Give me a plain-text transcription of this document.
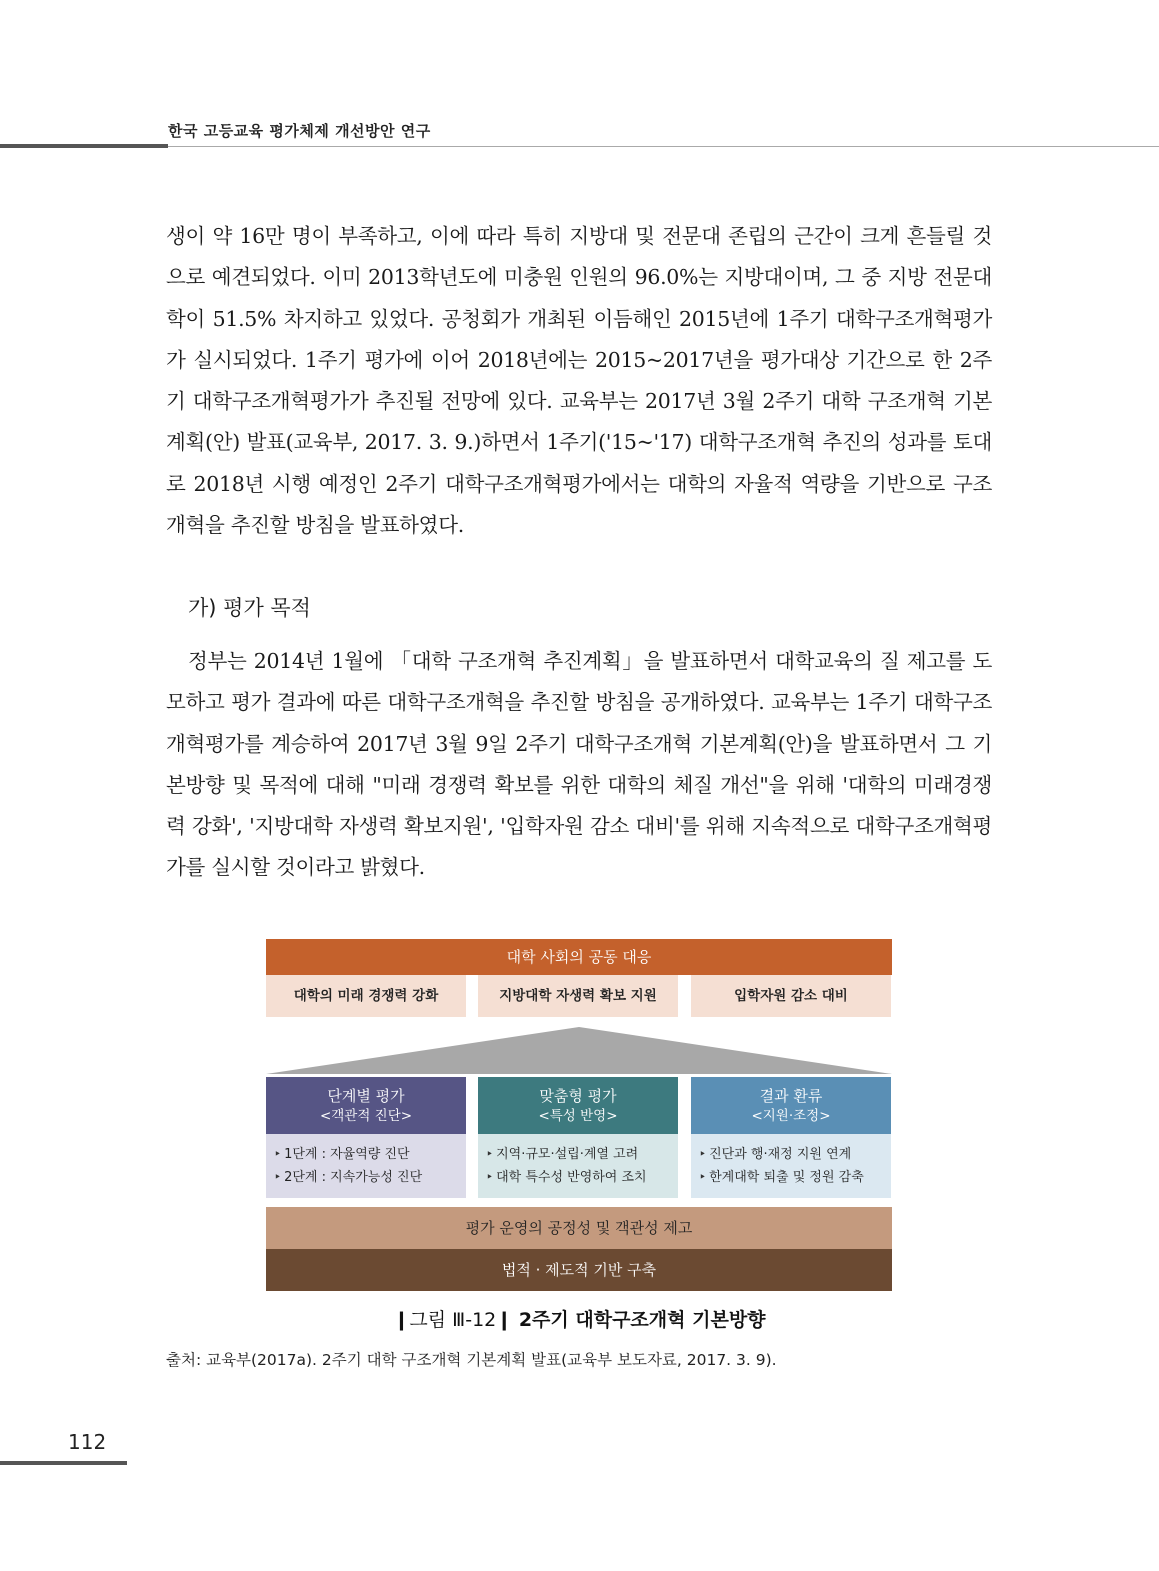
한국 고등교육 평가체제 개선방안 연구

생이 약 16만 명이 부족하고, 이에 따라 특히 지방대 및 전문대 존립의 근간이 크게 흔들릴 것으로 예견되었다. 이미 2013학년도에 미충원 인원의 96.0%는 지방대이며, 그 중 지방 전문대학이 51.5% 차지하고 있었다. 공청회가 개최된 이듬해인 2015년에 1주기 대학구조개혁평가가 실시되었다. 1주기 평가에 이어 2018년에는 2015~2017년을 평가대상 기간으로 한 2주기 대학구조개혁평가가 추진될 전망에 있다. 교육부는 2017년 3월 2주기 대학 구조개혁 기본계획(안) 발표(교육부, 2017. 3. 9.)하면서 1주기('15~'17) 대학구조개혁 추진의 성과를 토대로 2018년 시행 예정인 2주기 대학구조개혁평가에서는 대학의 자율적 역량을 기반으로 구조개혁을 추진할 방침을 발표하였다.

가) 평가 목적

정부는 2014년 1월에 「대학 구조개혁 추진계획」을 발표하면서 대학교육의 질 제고를 도모하고 평가 결과에 따른 대학구조개혁을 추진할 방침을 공개하였다. 교육부는 1주기 대학구조개혁평가를 계승하여 2017년 3월 9일 2주기 대학구조개혁 기본계획(안)을 발표하면서 그 기본방향 및 목적에 대해 "미래 경쟁력 확보를 위한 대학의 체질 개선"을 위해 '대학의 미래경쟁력 강화', '지방대학 자생력 확보지원', '입학자원 감소 대비'를 위해 지속적으로 대학구조개혁평가를 실시할 것이라고 밝혔다.

대학 사회의 공동 대응
대학의 미래 경쟁력 강화	지방대학 자생력 확보 지원	입학자원 감소 대비
단계별 평가
<객관적 진단>
‣ 1단계 : 자율역량 진단
‣ 2단계 : 지속가능성 진단
맞춤형 평가
<특성 반영>
‣ 지역·규모·설립·계열 고려
‣ 대학 특수성 반영하여 조치
결과 환류
<지원·조정>
‣ 진단과 행·재정 지원 연계
‣ 한계대학 퇴출 및 정원 감축
평가 운영의 공정성 및 객관성 제고
법적 · 제도적 기반 구축
❙그림 Ⅲ-12❙ 2주기 대학구조개혁 기본방향
출처: 교육부(2017a). 2주기 대학 구조개혁 기본계획 발표(교육부 보도자료, 2017. 3. 9).
112
